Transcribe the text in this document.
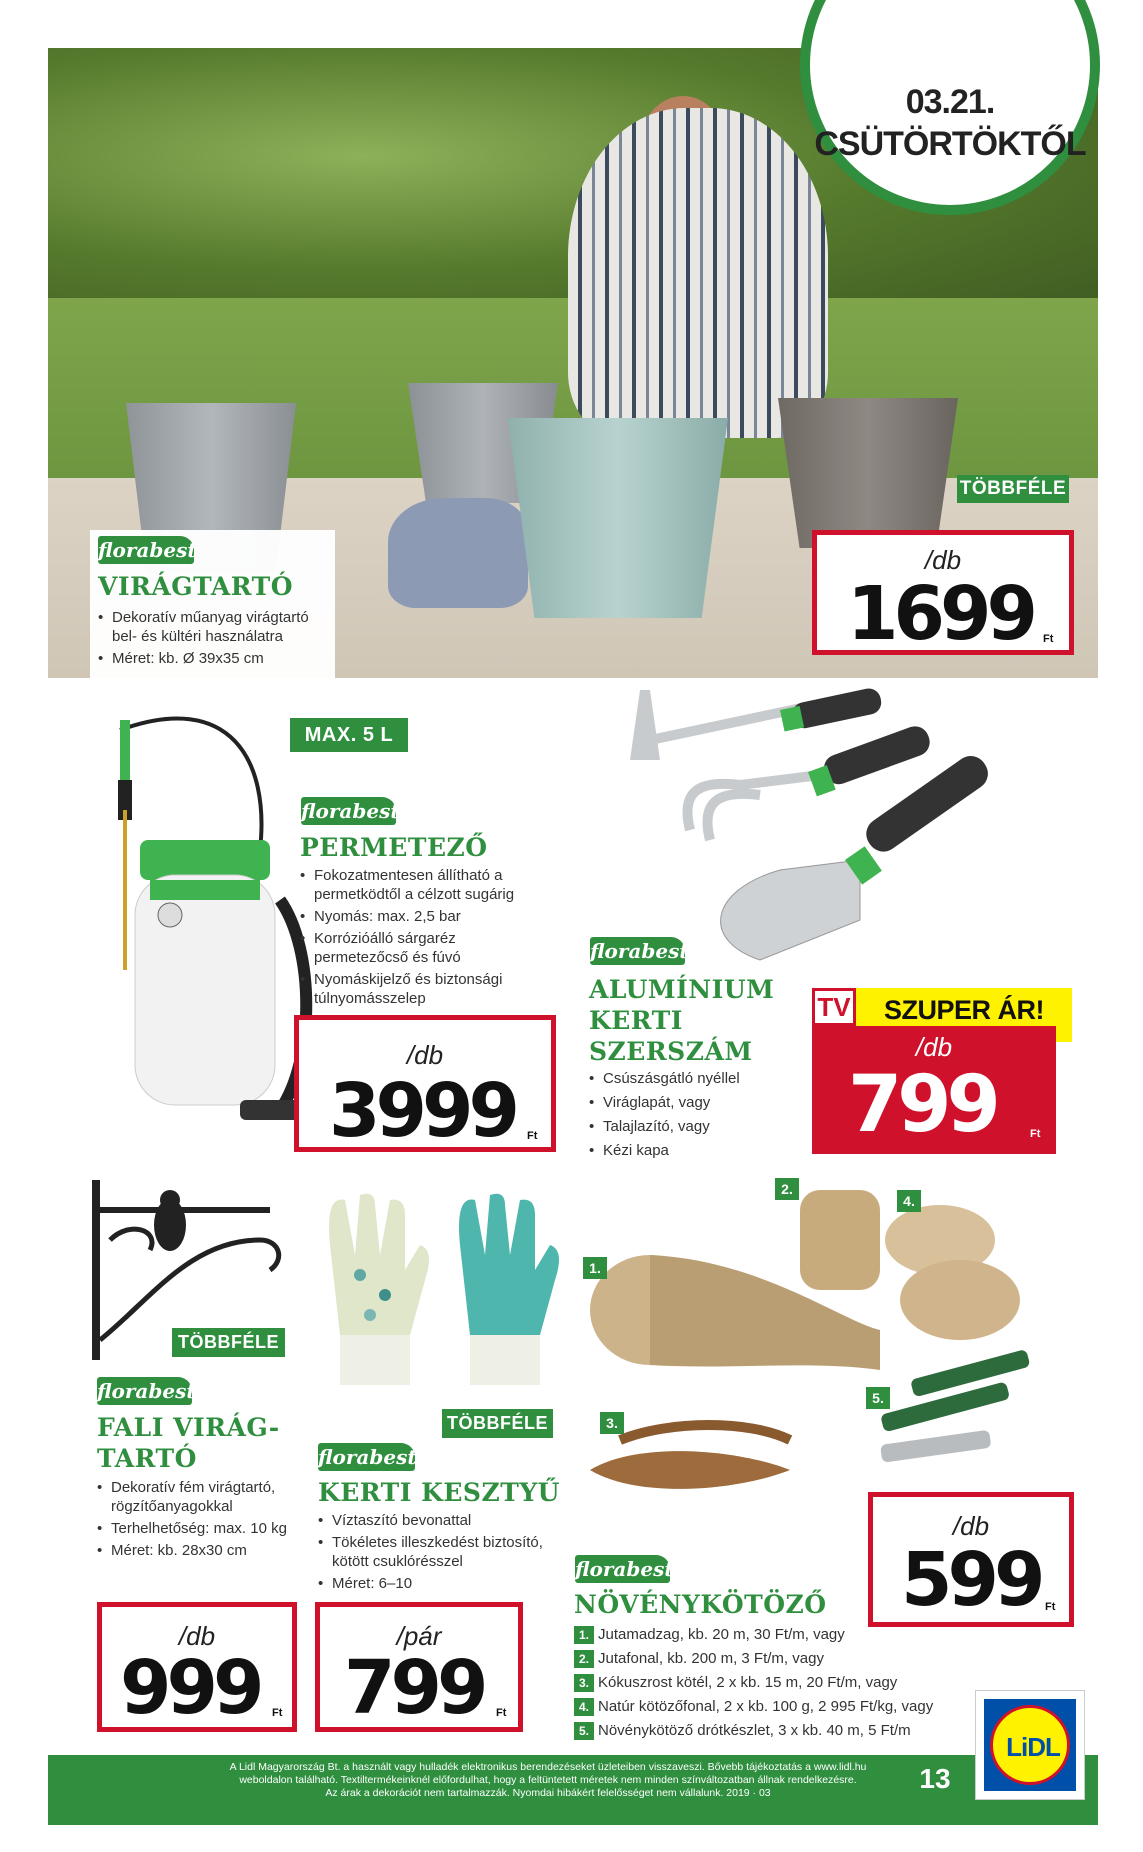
03.21.
CSÜTÖRTÖKTŐL
TÖBBFÉLE
florabest
VIRÁGTARTÓ
• Dekoratív műanyag virágtartó bel- és kültéri használatra
• Méret: kb. Ø 39x35 cm
/db
1699 Ft
MAX. 5 L
florabest
PERMETEZŐ
• Fokozatmentesen állítható a permetködtől a célzott sugárig
• Nyomás: max. 2,5 bar
• Korrózióálló sárgaréz permetezőcső és fúvó
• Nyomáskijelző és biztonsági túlnyomásszelep
/db
3999 Ft
florabest
ALUMÍNIUM
KERTI
SZERSZÁM
• Csúszásgátló nyéllel
• Viráglapát, vagy
• Talajlazító, vagy
• Kézi kapa
TV	SZUPER ÁR!
/db
799	Ft
TÖBBFÉLE
florabest
FALI VIRÁG-
TARTÓ
• Dekoratív fém virágtartó, rögzítőanyagokkal
• Terhelhetőség: max. 10 kg
• Méret: kb. 28x30 cm
/db
999 Ft
TÖBBFÉLE
florabest
KERTI KESZTYŰ
• Víztaszító bevonattal
• Tökéletes illeszkedést biztosító, kötött csuklórésszel
• Méret: 6–10
/pár
799 Ft
1.
2.
3.
4.
5.
florabest
NÖVÉNYKÖTÖZŐ
1. Jutamadzag, kb. 20 m, 30 Ft/m, vagy
2. Jutafonal, kb. 200 m, 3 Ft/m, vagy
3. Kókuszrost kötél, 2 x kb. 15 m, 20 Ft/m, vagy
4. Natúr kötözőfonal, 2 x kb. 100 g, 2 995 Ft/kg, vagy
5. Növénykötöző drótkészlet, 3 x kb. 40 m, 5 Ft/m
/db
599 Ft
A Lidl Magyarország Bt. a használt vagy hulladék elektronikus berendezéseket üzleteiben visszaveszi. Bővebb tájékoztatás a www.lidl.hu
weboldalon található. Textiltermékeinknél előfordulhat, hogy a feltüntetett méretek nem minden színváltozatban állnak rendelkezésre.
Az árak a dekorációt nem tartalmazzák. Nyomdai hibákért felelősséget nem vállalunk. 2019 · 03	13
LiDL
